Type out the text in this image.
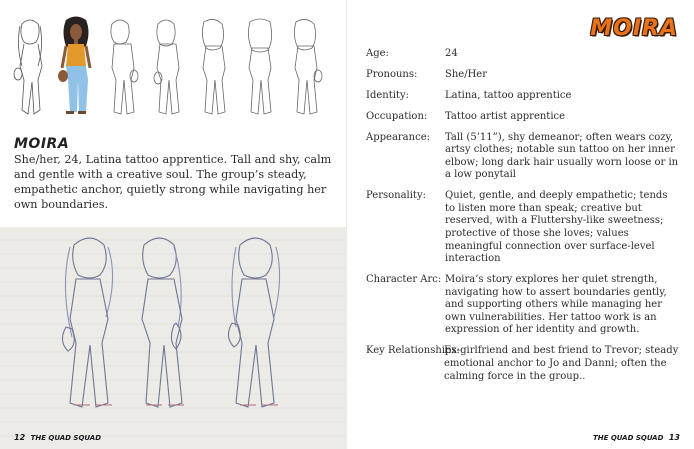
MOIRA
She/her, 24, Latina tattoo apprentice. Tall and shy, calm and gentle with a creative soul. The group’s steady, empathetic anchor, quietly strong while navigating her own boundaries.
12 THE QUAD SQUAD
MOIRA
Age:	24
Pronouns:	She/Her
Identity:	Latina, tattoo apprentice
Occupation:	Tattoo artist apprentice
Appearance:	Tall (5’11”), shy demeanor; often wears cozy, artsy clothes; notable sun tattoo on her inner elbow; long dark hair usually worn loose or in a low ponytail
Personality:	Quiet, gentle, and deeply empathetic; tends to listen more than speak; creative but reserved, with a Fluttershy-like sweetness; protective of those she loves; values meaningful connection over surface-level interaction
Character Arc: Moira’s story explores her quiet strength, navigating how to assert boundaries gently, and supporting others while managing her own vulnerabilities. Her tattoo work is an expression of her identity and growth.
Key Relationships:
Ex-girlfriend and best friend to Trevor; steady emotional anchor to Jo and Danni; often the calming force in the group..
THE QUAD SQUAD 13
